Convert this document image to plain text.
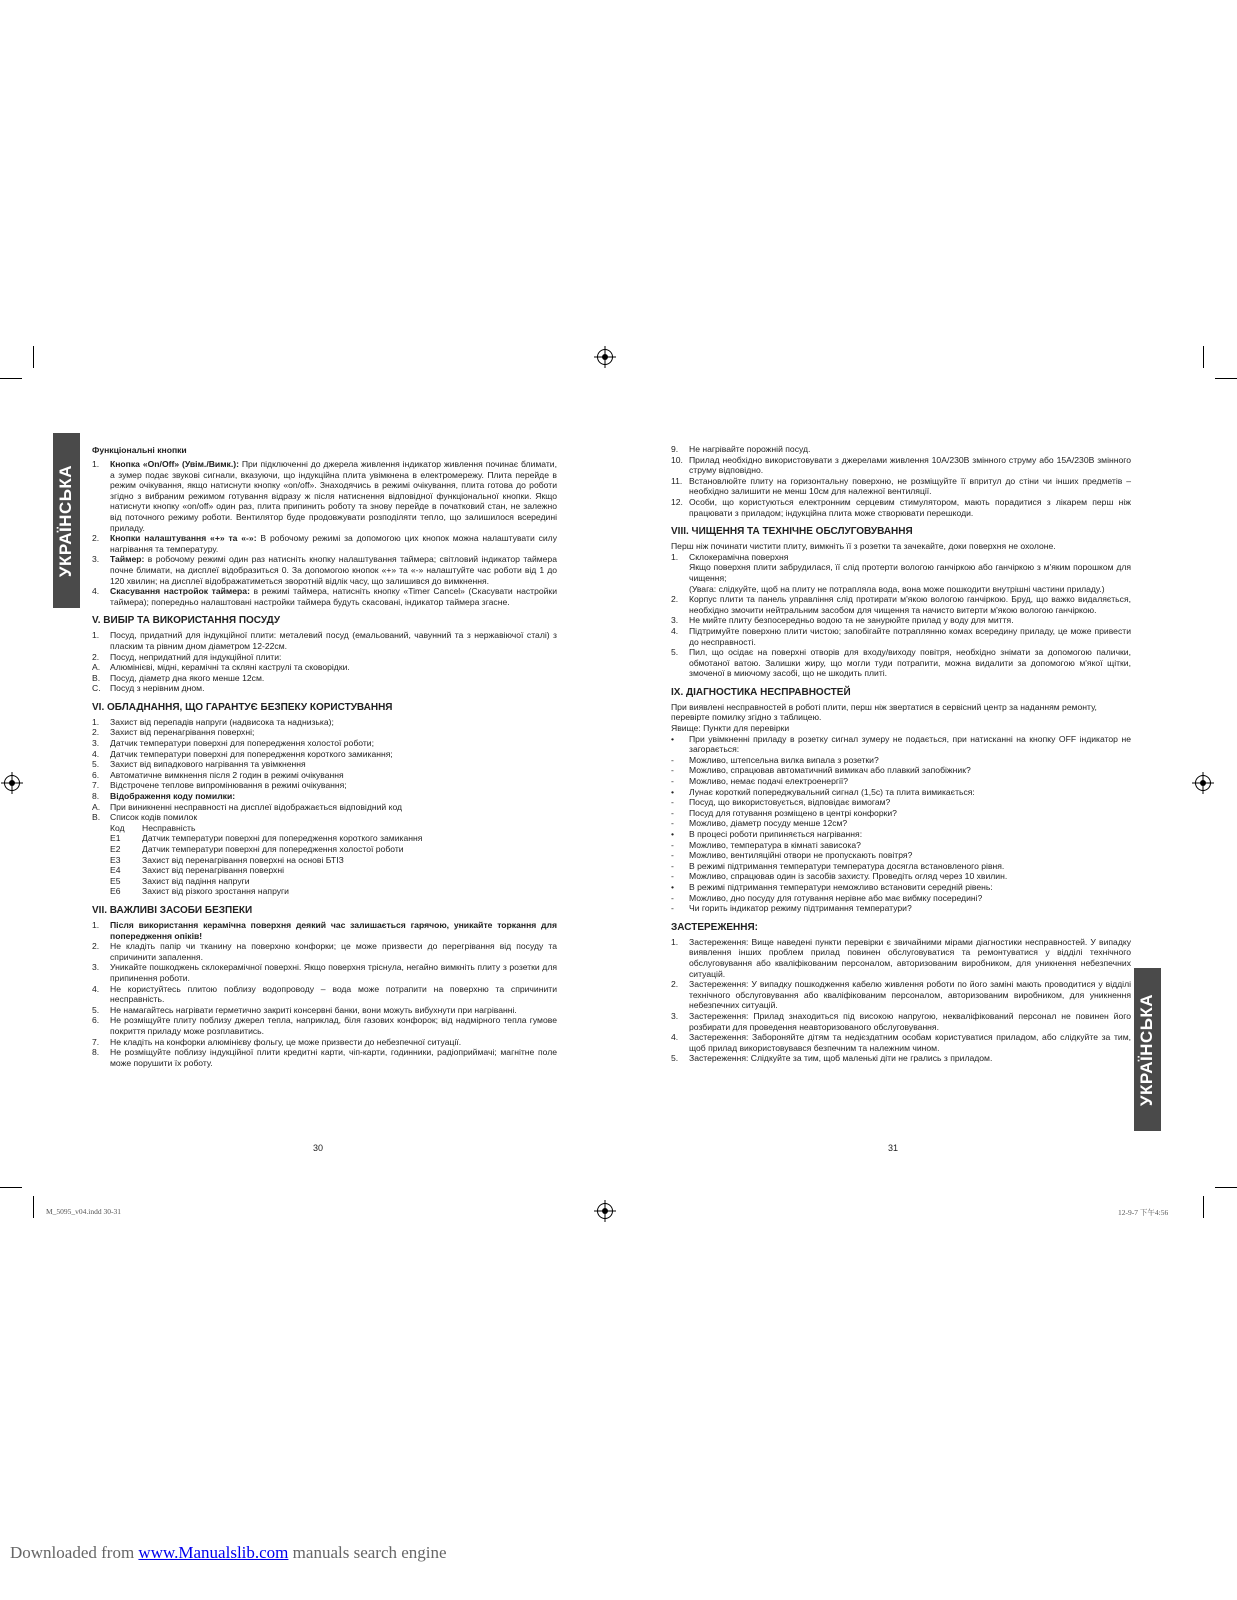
УКРАЇНСЬКА
УКРАЇНСЬКА
Функціональні кнопки
1. Кнопка «On/Off» (Увім./Вимк.): При підключенні до джерела живлення індикатор живлення починає блимати, а зумер подає звукові сигнали, вказуючи, що індукційна плита увімкнена в електромережу. Плита перейде в режим очікування, якщо натиснути кнопку «on/off». Знаходячись в режимі очікування, плита готова до роботи згідно з вибраним режимом готування відразу ж після натиснення відповідної функціональної кнопки. Якщо натиснути кнопку «on/off» один раз, плита припинить роботу та знову перейде в початковий стан, не залежно від поточного режиму роботи. Вентилятор буде продовжувати розподіляти тепло, що залишилося всередині приладу.
2. Кнопки налаштування «+» та «-»: В робочому режимі за допомогою цих кнопок можна налаштувати силу нагрівання та температуру.
3. Таймер: в робочому режимі один раз натисніть кнопку налаштування таймера; світловий індикатор таймера почне блимати, на дисплеї відобразиться 0. За допомогою кнопок «+» та «-» налаштуйте час роботи від 1 до 120 хвилин; на дисплеї відображатиметься зворотній відлік часу, що залишився до вимкнення.
4. Скасування настройок таймера: в режимі таймера, натисніть кнопку «Timer Cancel» (Скасувати настройки таймера); попередньо налаштовані настройки таймера будуть скасовані, індикатор таймера згасне.
V. ВИБІР ТА ВИКОРИСТАННЯ ПОСУДУ
1. Посуд, придатний для індукційної плити: металевий посуд (емальований, чавунний та з нержавіючої сталі) з пласким та рівним дном діаметром 12-22см.
2. Посуд, непридатний для індукційної плити:
A. Алюмінієві, мідні, керамічні та скляні каструлі та сковорідки.
B. Посуд, діаметр дна якого менше 12см.
C. Посуд з нерівним дном.
VI. ОБЛАДНАННЯ, ЩО ГАРАНТУЄ БЕЗПЕКУ КОРИСТУВАННЯ
1. Захист від перепадів напруги (надвисока та наднизька);
2. Захист від перенагрівання поверхні;
3. Датчик температури поверхні для попередження холостої роботи;
4. Датчик температури поверхні для попередження короткого замикання;
5. Захист від випадкового нагрівання та увімкнення
6. Автоматичне вимкнення після 2 годин в режимі очікування
7. Відстрочене теплове випромінювання в режимі очікування;
8. Відображення коду помилки:
A. При виникненні несправності на дисплеї відображається відповідний код
B. Список кодів помилок
Код	Несправність
E1	Датчик температури поверхні для попередження короткого замикання
E2	Датчик температури поверхні для попередження холостої роботи
E3	Захист від перенагрівання поверхні на основі БТІЗ
E4	Захист від перенагрівання поверхні
E5	Захист від падіння напруги
E6	Захист від різкого зростання напруги
VII. ВАЖЛИВІ ЗАСОБИ БЕЗПЕКИ
1. Після використання керамічна поверхня деякий час залишається гарячою, уникайте торкання для попередження опіків!
2. Не кладіть папір чи тканину на поверхню конфорки; це може призвести до перегрівання від посуду та спричинити запалення.
3. Уникайте пошкоджень склокерамічної поверхні. Якщо поверхня тріснула, негайно вимкніть плиту з розетки для припинення роботи.
4. Не користуйтесь плитою поблизу водопроводу – вода може потрапити на поверхню та спричинити несправність.
5. Не намагайтесь нагрівати герметично закриті консервні банки, вони можуть вибухнути при нагріванні.
6. Не розміщуйте плиту поблизу джерел тепла, наприклад, біля газових конфорок; від надмірного тепла гумове покриття приладу може розплавитись.
7. Не кладіть на конфорки алюмінієву фольгу, це може призвести до небезпечної ситуації.
8. Не розміщуйте поблизу індукційної плити кредитні карти, чіп-карти, годинники, радіоприймачі; магнітне поле може порушити їх роботу.
30
9. Не нагрівайте порожній посуд.
10. Прилад необхідно використовувати з джерелами живлення 10A/230В змінного струму або 15A/230В змінного струму відповідно.
11. Встановлюйте плиту на горизонтальну поверхню, не розміщуйте її впритул до стіни чи інших предметів – необхідно залишити не менш 10см для належної вентиляції.
12. Особи, що користуються електронним серцевим стимулятором, мають порадитися з лікарем перш ніж працювати з приладом; індукційна плита може створювати перешкоди.
VIII. ЧИЩЕННЯ ТА ТЕХНІЧНЕ ОБСЛУГОВУВАННЯ
Перш ніж починати чистити плиту, вимкніть її з розетки та зачекайте, доки поверхня не охолоне.
1. Склокерамічна поверхня
Якщо поверхня плити забрудилася, її слід протерти вологою ганчіркою або ганчіркою з м'яким порошком для чищення;
(Увага: слідкуйте, щоб на плиту не потрапляла вода, вона може пошкодити внутрішні частини приладу.)
2. Корпус плити та панель управління слід протирати м'якою вологою ганчіркою. Бруд, що важко видаляється, необхідно змочити нейтральним засобом для чищення та начисто витерти м'якою вологою ганчіркою.
3. Не мийте плиту безпосередньо водою та не занурюйте прилад у воду для миття.
4. Підтримуйте поверхню плити чистою; запобігайте потраплянню комах всередину приладу, це може привести до несправності.
5. Пил, що осідає на поверхні отворів для входу/виходу повітря, необхідно знімати за допомогою палички, обмотаної ватою. Залишки жиру, що могли туди потрапити, можна видалити за допомогою м'якої щітки, змоченої в миючому засобі, що не шкодить плиті.
IX. ДІАГНОСТИКА НЕСПРАВНОСТЕЙ
При виявлені несправностей в роботі плити, перш ніж звертатися в сервісний центр за наданням ремонту,
перевірте помилку згідно з таблицею.
Явище: Пункти для перевірки
• При увімкненні приладу в розетку сигнал зумеру не подається, при натисканні на кнопку OFF індикатор не загорається:
- Можливо, штепсельна вилка випала з розетки?
- Можливо, спрацював автоматичний вимикач або плавкий запобіжник?
- Можливо, немає подачі електроенергії?
• Лунає короткий попереджувальний сигнал (1,5с) та плита вимикається:
- Посуд, що використовується, відповідає вимогам?
- Посуд для готування розміщено в центрі конфорки?
- Можливо, діаметр посуду менше 12см?
• В процесі роботи припиняється нагрівання:
- Можливо, температура в кімнаті зависока?
- Можливо, вентиляційні отвори не пропускають повітря?
- В режимі підтримання температури температура досягла встановленого рівня.
- Можливо, спрацював один із засобів захисту. Проведіть огляд через 10 хвилин.
• В режимі підтримання температури неможливо встановити середній рівень:
- Можливо, дно посуду для готування нерівне або має вибмку посередині?
- Чи горить індикатор режиму підтримання температури?
ЗАСТЕРЕЖЕННЯ:
1. Застереження: Вище наведені пункти перевірки є звичайними мірами діагностики несправностей. У випадку виявлення інших проблем прилад повинен обслуговуватися та ремонтуватися у відділі технічного обслуговування або кваліфікованим персоналом, авторизованим виробником, для уникнення небезпечних ситуацій.
2. Застереження: У випадку пошкодження кабелю живлення роботи по його заміні мають проводитися у відділі технічного обслуговування або кваліфікованим персоналом, авторизованим виробником, для уникнення небезпечних ситуацій.
3. Застереження: Прилад знаходиться під високою напругою, некваліфікований персонал не повинен його розбирати для проведення неавторизованого обслуговування.
4. Застереження: Забороняйте дітям та недієздатним особам користуватися приладом, або слідкуйте за тим, щоб прилад використовувався безпечним та належним чином.
5. Застереження: Слідкуйте за тим, щоб маленькі діти не грались з приладом.
31
M_5095_v04.indd 30-31	12-9-7 下午4:56
Downloaded from www.Manualslib.com manuals search engine
